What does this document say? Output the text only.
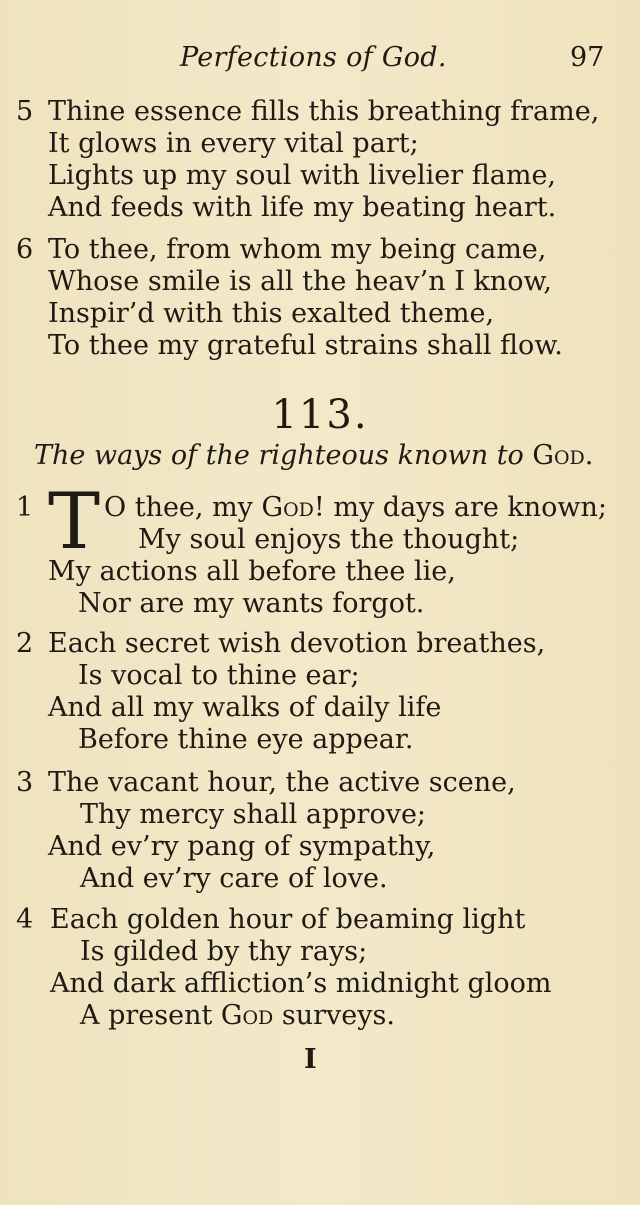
Perfections of God.	97
5 Thine essence fills this breathing frame,
It glows in every vital part;
Lights up my soul with livelier flame,
And feeds with life my beating heart.
6 To thee, from whom my being came,
Whose smile is all the heav’n I know,
Inspir’d with this exalted theme,
To thee my grateful strains shall flow.
113.
The ways of the righteous known to God.
1 T O thee, my God! my days are known;
My soul enjoys the thought;
My actions all before thee lie,
Nor are my wants forgot.
2 Each secret wish devotion breathes,
Is vocal to thine ear;
And all my walks of daily life
Before thine eye appear.
3 The vacant hour, the active scene,
Thy mercy shall approve;
And ev’ry pang of sympathy,
And ev’ry care of love.
4 Each golden hour of beaming light
Is gilded by thy rays;
And dark affliction’s midnight gloom
A present God surveys.
I
